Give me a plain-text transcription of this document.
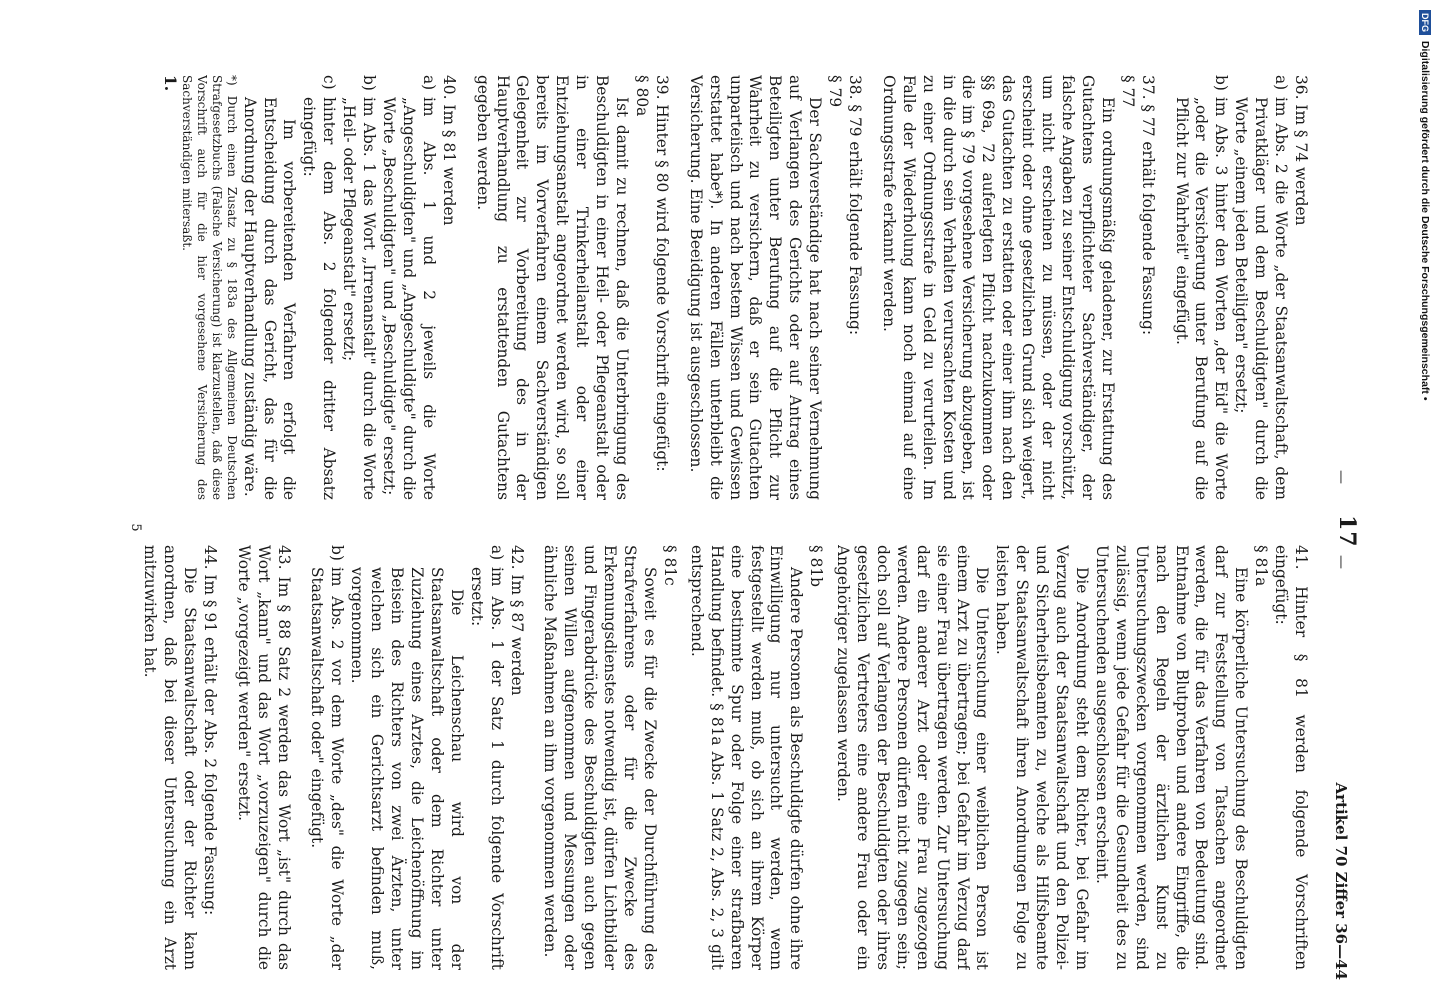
—
17
—
Artikel 70 Ziffer 36—44

36. Im § 74 werden

a)
im Abs. 2 die Worte „der Staatsanwaltschaft, dem Privatkläger und dem Beschuldigten" durch die Worte „einem jeden Beteiligten" ersetzt;
b)
im Abs. 3 hinter den Worten „der Eid" die Worte „oder die Versicherung unter Berufung auf die Pflicht zur Wahrheit" eingefügt.

37. § 77 erhält folgende Fassung:

§ 77

Ein ordnungsmäßig geladener, zur Erstattung des Gutachtens verpflichteter Sachverständiger, der falsche Angaben zu seiner Entschuldigung vorschützt, um nicht erscheinen zu müssen, oder der nicht erscheint oder ohne gesetzlichen Grund sich weigert, das Gutachten zu erstatten oder einer ihm nach den §§ 69a, 72 auferlegten Pflicht nachzukommen oder die im § 79 vorgesehene Versicherung abzugeben, ist in die durch sein Verhalten verursachten Kosten und zu einer Ordnungsstrafe in Geld zu verurteilen. Im Falle der Wiederholung kann noch einmal auf eine Ordnungsstrafe erkannt werden.

38. § 79 erhält folgende Fassung:

§ 79

Der Sachverständige hat nach seiner Vernehmung auf Verlangen des Gerichts oder auf Antrag eines Beteiligten unter Berufung auf die Pflicht zur Wahrheit zu versichern, daß er sein Gutachten unparteiisch und nach bestem Wissen und Gewissen erstattet habe*). In anderen Fällen unterbleibt die Versicherung. Eine Beeidigung ist ausgeschlossen.

39. Hinter § 80 wird folgende Vorschrift eingefügt:

§ 80a

Ist damit zu rechnen, daß die Unterbringung des Beschuldigten in einer Heil- oder Pflegeanstalt oder in einer Trinkerheilanstalt oder einer Entziehungsanstalt angeordnet werden wird, so soll bereits im Vorverfahren einem Sachverständigen Gelegenheit zur Vorbereitung des in der Hauptverhandlung zu erstattenden Gutachtens gegeben werden.

40. Im § 81 werden

a)
im Abs. 1 und 2 jeweils die Worte „Angeschuldigten" und „Angeschuldigte" durch die Worte „Beschuldigten" und „Beschuldigte" ersetzt;
b)
im Abs. 1 das Wort „Irrenanstalt" durch die Worte „Heil- oder Pflegeanstalt" ersetzt;
c)
hinter dem Abs. 2 folgender dritter Absatz eingefügt:

Im vorbereitenden Verfahren erfolgt die Entscheidung durch das Gericht, das für die Anordnung der Hauptverhandlung zuständig wäre.

*) Durch einen Zusatz zu § 183a des Allgemeinen Deutschen Strafgesetzbuchs (Falsche Versicherung) ist klarzustellen, daß diese Vorschrift auch für die hier vorgesehene Versicherung des Sachverständigen mitersaßt.

1.

41. Hinter § 81 werden folgende Vorschriften eingefügt:

§ 81a

Eine körperliche Untersuchung des Beschuldigten darf zur Feststellung von Tatsachen angeordnet werden, die für das Verfahren von Bedeutung sind. Entnahme von Blutproben und andere Eingriffe, die nach den Regeln der ärztlichen Kunst zu Untersuchungszwecken vorgenommen werden, sind zulässig, wenn jede Gefahr für die Gesundheit des zu Untersuchenden ausgeschlossen erscheint.

Die Anordnung steht dem Richter, bei Gefahr im Verzug auch der Staatsanwaltschaft und den Polizei- und Sicherheitsbeamten zu, welche als Hilfsbeamte der Staatsanwaltschaft ihren Anordnungen Folge zu leisten haben.

Die Untersuchung einer weiblichen Person ist einem Arzt zu übertragen; bei Gefahr im Verzug darf sie einer Frau übertragen werden. Zur Untersuchung darf ein anderer Arzt oder eine Frau zugezogen werden. Andere Personen dürfen nicht zugegen sein; doch soll auf Verlangen der Beschuldigten oder ihres gesetzlichen Vertreters eine andere Frau oder ein Angehöriger zugelassen werden.

§ 81b

Andere Personen als Beschuldigte dürfen ohne ihre Einwilligung nur untersucht werden, wenn festgestellt werden muß, ob sich an ihrem Körper eine bestimmte Spur oder Folge einer strafbaren Handlung befindet. § 81a Abs. 1 Satz 2, Abs. 2, 3 gilt entsprechend.

§ 81c

Soweit es für die Zwecke der Durchführung des Strafverfahrens oder für die Zwecke des Erkennungsdienstes notwendig ist, dürfen Lichtbilder und Fingerabdrücke des Beschuldigten auch gegen seinen Willen aufgenommen und Messungen oder ähnliche Maßnahmen an ihm vorgenommen werden.

42. Im § 87 werden

a)
im Abs. 1 der Satz 1 durch folgende Vorschrift ersetzt:

Die Leichenschau wird von der Staatsanwaltschaft oder dem Richter unter Zuziehung eines Arztes, die Leichenöffnung im Beisein des Richters von zwei Ärzten, unter welchen sich ein Gerichtsarzt befinden muß, vorgenommen.

b)
im Abs. 2 vor dem Worte „des" die Worte „der Staatsanwaltschaft oder" eingefügt.

43. Im § 88 Satz 2 werden das Wort „ist" durch das Wort „kann" und das Wort „vorzuzeigen" durch die Worte „vorgezeigt werden" ersetzt.

44. Im § 91 erhält der Abs. 2 folgende Fassung:

Die Staatsanwaltschaft oder der Richter kann anordnen, daß bei dieser Untersuchung ein Arzt mitzuwirken hat.

5
DFG Digitalisierung gefördert durch die Deutsche Forschungsgemeinschaft •
